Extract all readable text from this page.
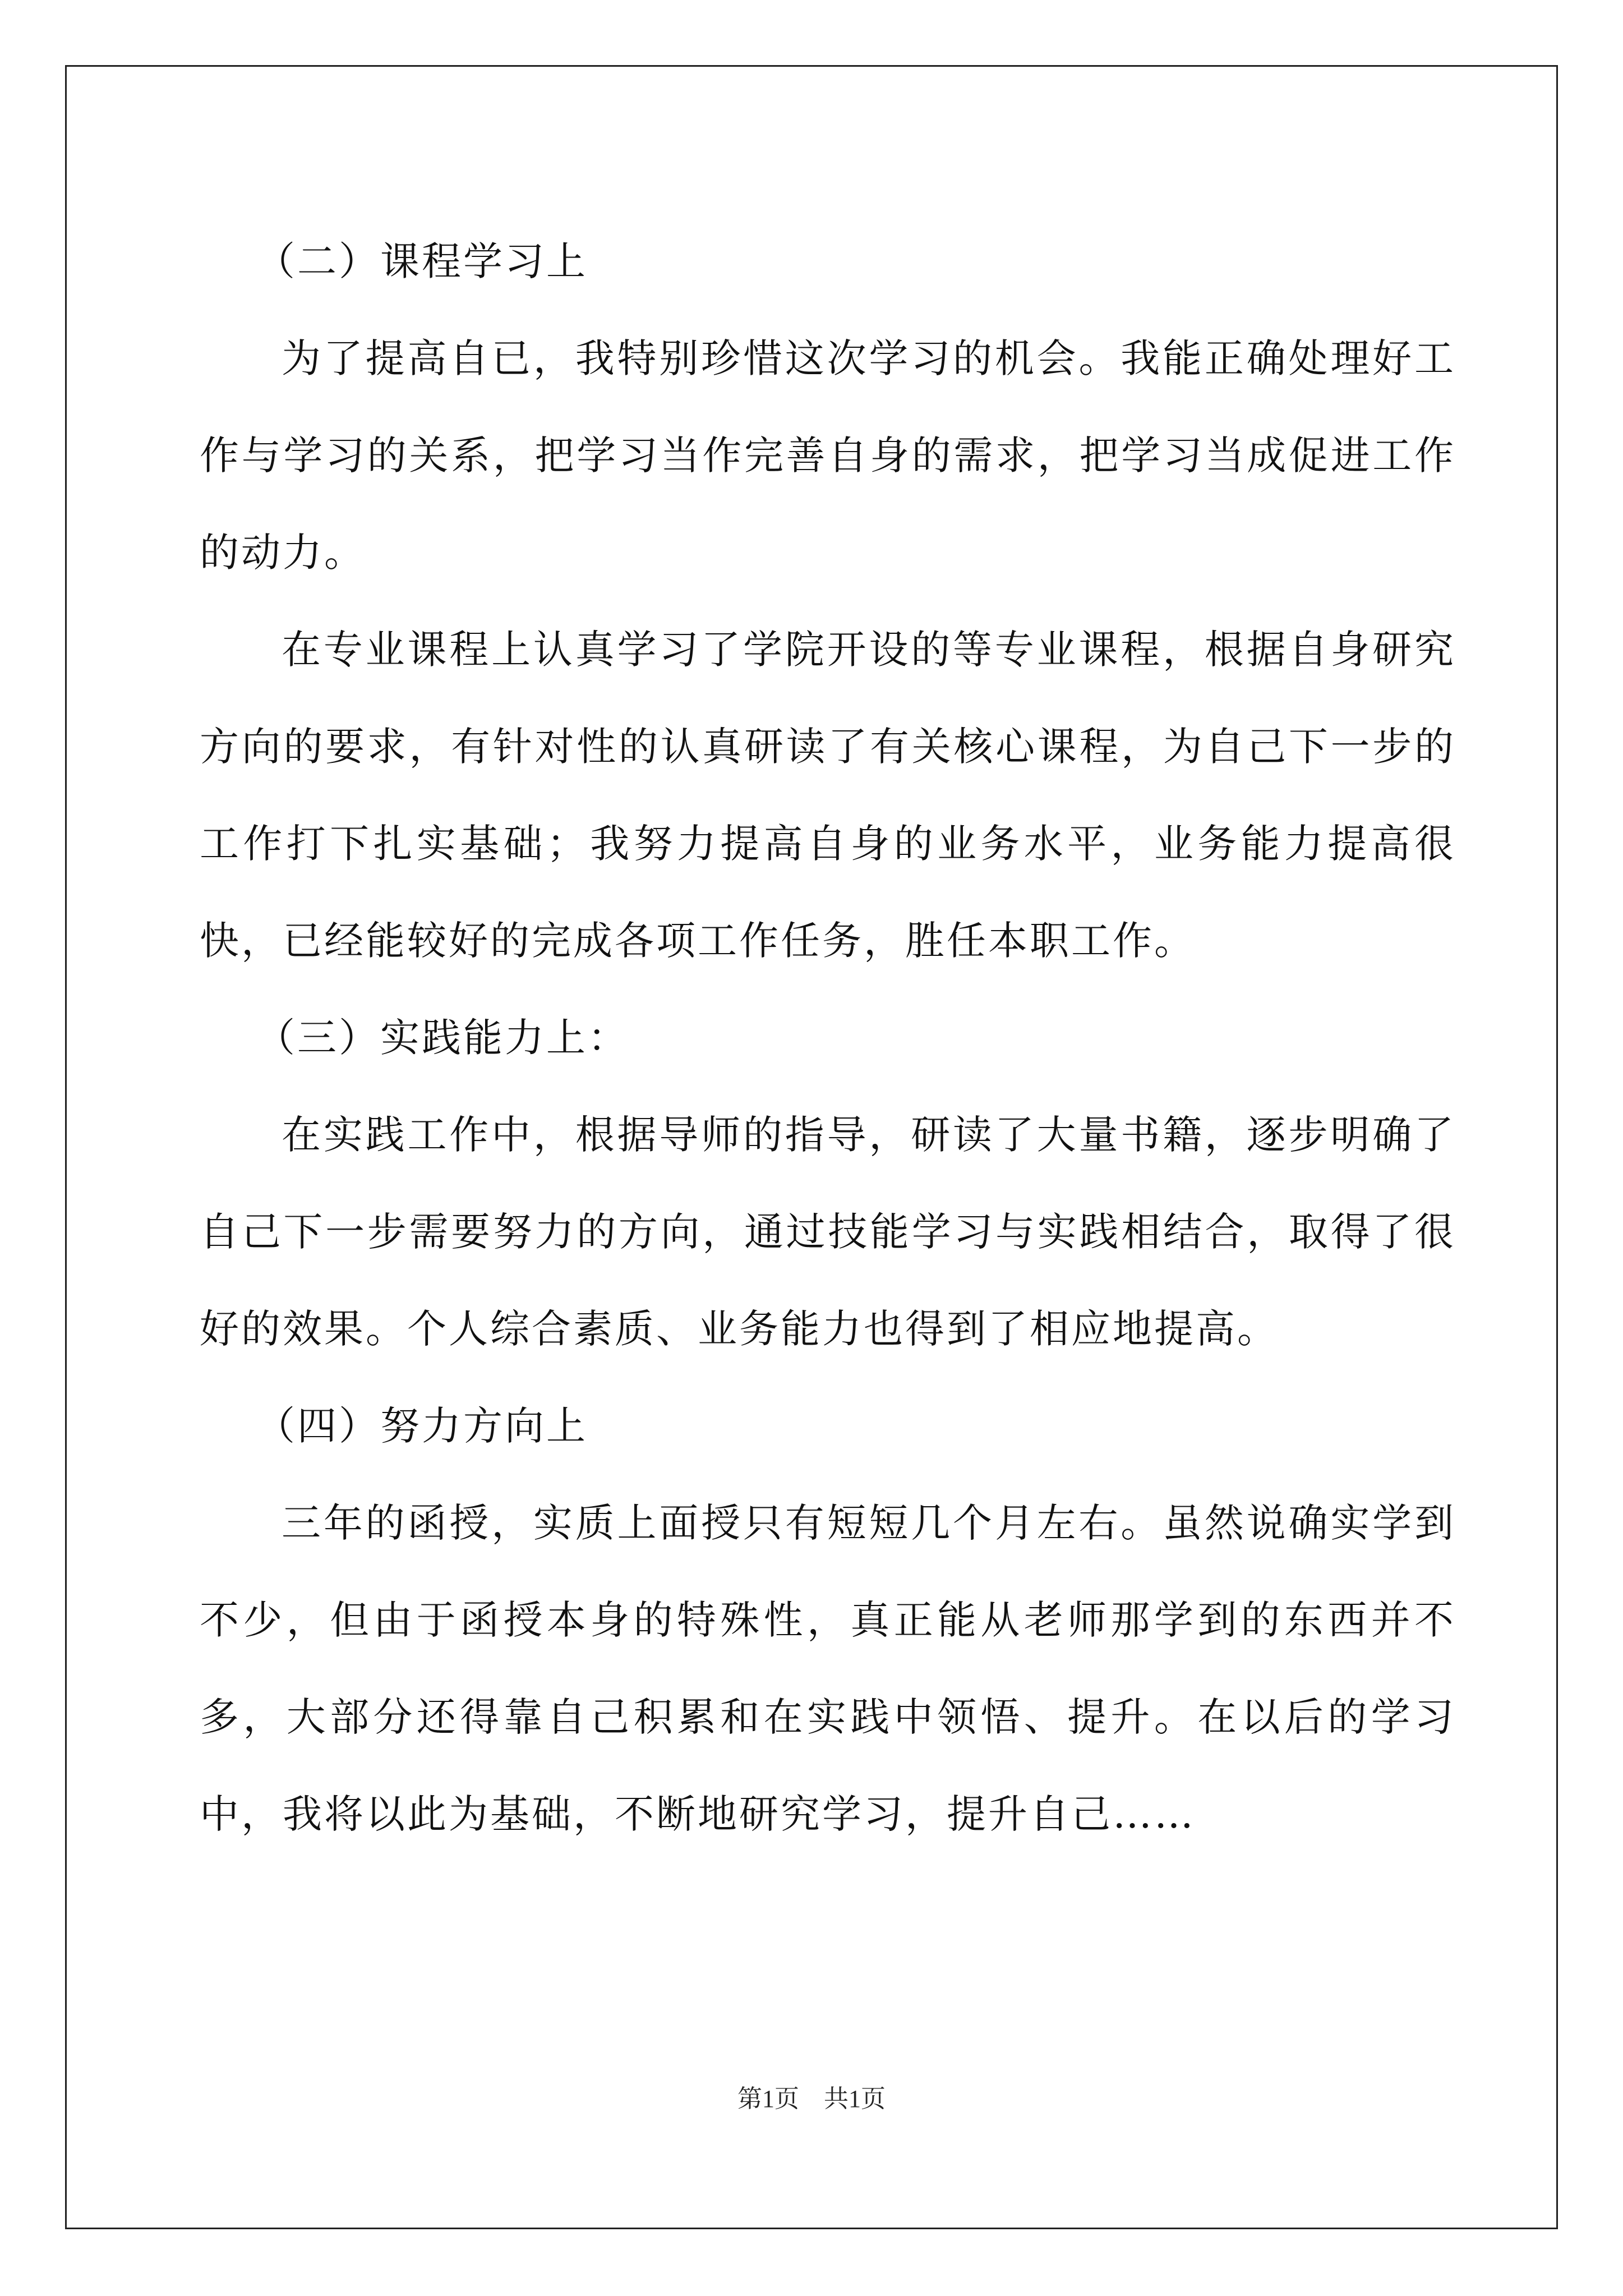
（二）课程学习上

为了提高自已，我特别珍惜这次学习的机会。我能正确处理好工作与学习的关系，把学习当作完善自身的需求，把学习当成促进工作的动力。

在专业课程上认真学习了学院开设的等专业课程，根据自身研究方向的要求，有针对性的认真研读了有关核心课程，为自己下一步的工作打下扎实基础；我努力提高自身的业务水平，业务能力提高很快，已经能较好的完成各项工作任务，胜任本职工作。

（三）实践能力上：

在实践工作中，根据导师的指导，研读了大量书籍，逐步明确了自己下一步需要努力的方向，通过技能学习与实践相结合，取得了很好的效果。个人综合素质、业务能力也得到了相应地提高。

（四）努力方向上

三年的函授，实质上面授只有短短几个月左右。虽然说确实学到不少，但由于函授本身的特殊性，真正能从老师那学到的东西并不多，大部分还得靠自己积累和在实践中领悟、提升。在以后的学习中，我将以此为基础，不断地研究学习，提升自己……

第1页　共1页
